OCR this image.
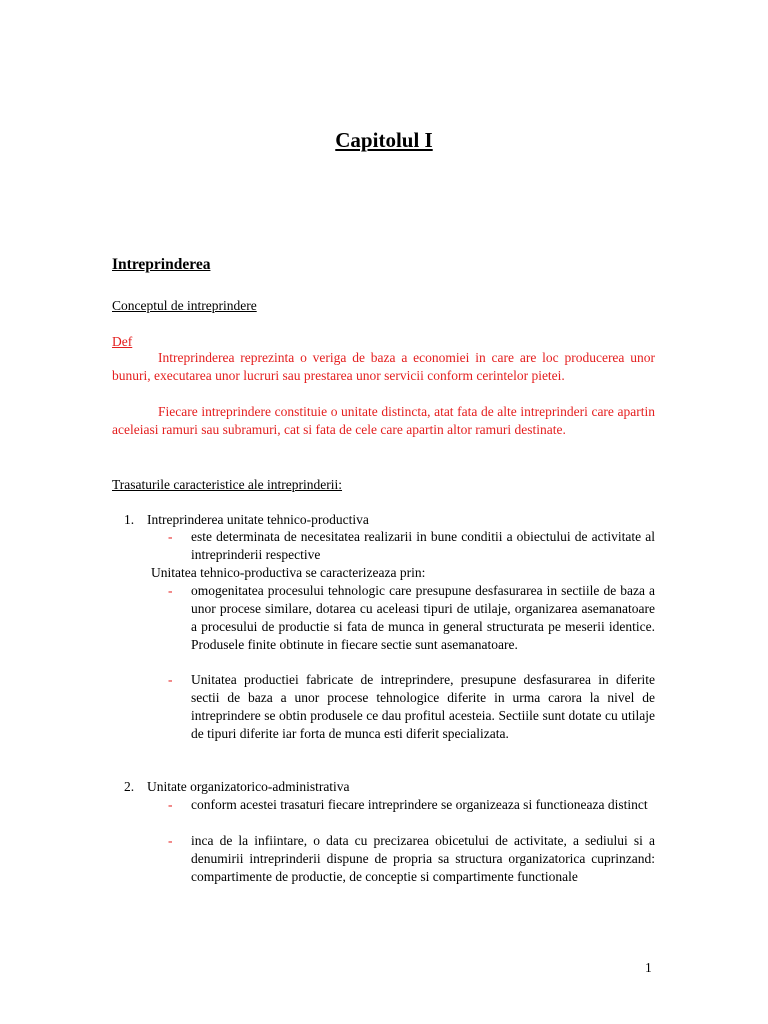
Capitolul I
Intreprinderea
Conceptul de intreprindere
Def

Intreprinderea reprezinta o veriga de baza a economiei in care are loc producerea unor bunuri, executarea unor lucruri sau prestarea unor servicii conform cerintelor pietei.

Fiecare intreprindere constituie o unitate distincta, atat fata de alte intreprinderi care apartin aceleiasi ramuri sau subramuri, cat si fata de cele care apartin altor ramuri destinate.

Trasaturile caracteristice ale intreprinderii:
1. Intreprinderea unitate tehnico-productiva
- este determinata de necesitatea realizarii in bune conditii a obiectului de activitate al intreprinderii respective
Unitatea tehnico-productiva se caracterizeaza prin:
- omogenitatea procesului tehnologic care presupune desfasurarea in sectiile de baza a unor procese similare, dotarea cu aceleasi tipuri de utilaje, organizarea asemanatoare a procesului de productie si fata de munca in general structurata pe meserii identice. Produsele finite obtinute in fiecare sectie sunt asemanatoare.
- Unitatea productiei fabricate de intreprindere, presupune desfasurarea in diferite sectii de baza a unor procese tehnologice diferite in urma carora la nivel de intreprindere se obtin produsele ce dau profitul acesteia. Sectiile sunt dotate cu utilaje de tipuri diferite iar forta de munca esti diferit specializata.
2. Unitate organizatorico-administrativa
- conform acestei trasaturi fiecare intreprindere se organizeaza si functioneaza distinct
- inca de la infiintare, o data cu precizarea obicetului de activitate, a sediului si a denumirii intreprinderii dispune de propria sa structura organizatorica cuprinzand: compartimente de productie, de conceptie si compartimente functionale
1
